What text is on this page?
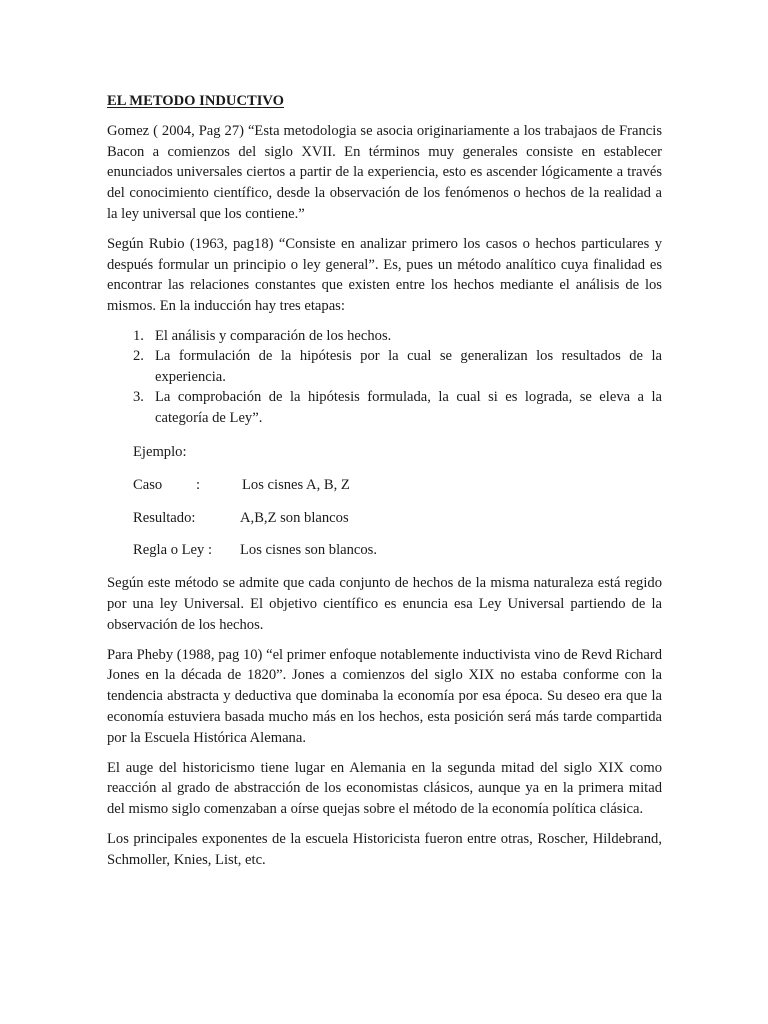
EL METODO INDUCTIVO

Gomez ( 2004, Pag 27) “Esta metodologia se asocia originariamente a los trabajaos de Francis Bacon a comienzos del siglo XVII. En términos muy generales consiste en establecer enunciados universales ciertos a partir de la experiencia, esto es ascender lógicamente a través del conocimiento científico, desde la observación de los fenómenos o hechos de la realidad a la ley universal que los contiene.”

Según Rubio (1963, pag18) “Consiste en analizar primero los casos o hechos particulares y después formular un principio o ley general”. Es, pues un método analítico cuya finalidad es encontrar las relaciones constantes que existen entre los hechos mediante el análisis de los mismos. En la inducción hay tres etapas:

1. El análisis y comparación de los hechos.
2. La formulación de la hipótesis por la cual se generalizan los resultados de la experiencia.
3. La comprobación de la hipótesis formulada, la cual si es lograda, se eleva a la categoría de Ley”.
Ejemplo:
Caso	:	Los cisnes A, B, Z
Resultado:	A,B,Z son blancos
Regla o Ley :	Los cisnes son blancos.

Según este método se admite que cada conjunto de hechos de la misma naturaleza está regido por una ley Universal. El objetivo científico es enuncia esa Ley Universal partiendo de la observación de los hechos.

Para Pheby (1988, pag 10) “el primer enfoque notablemente inductivista vino de Revd Richard Jones en la década de 1820”. Jones a comienzos del siglo XIX no estaba conforme con la tendencia abstracta y deductiva que dominaba la economía por esa época. Su deseo era que la economía estuviera basada mucho más en los hechos, esta posición será más tarde compartida por la Escuela Histórica Alemana.

El auge del historicismo tiene lugar en Alemania en la segunda mitad del siglo XIX como reacción al grado de abstracción de los economistas clásicos, aunque ya en la primera mitad del mismo siglo comenzaban a oírse quejas sobre el método de la economía política clásica.

Los principales exponentes de la escuela Historicista fueron entre otras, Roscher, Hildebrand, Schmoller, Knies, List, etc.
